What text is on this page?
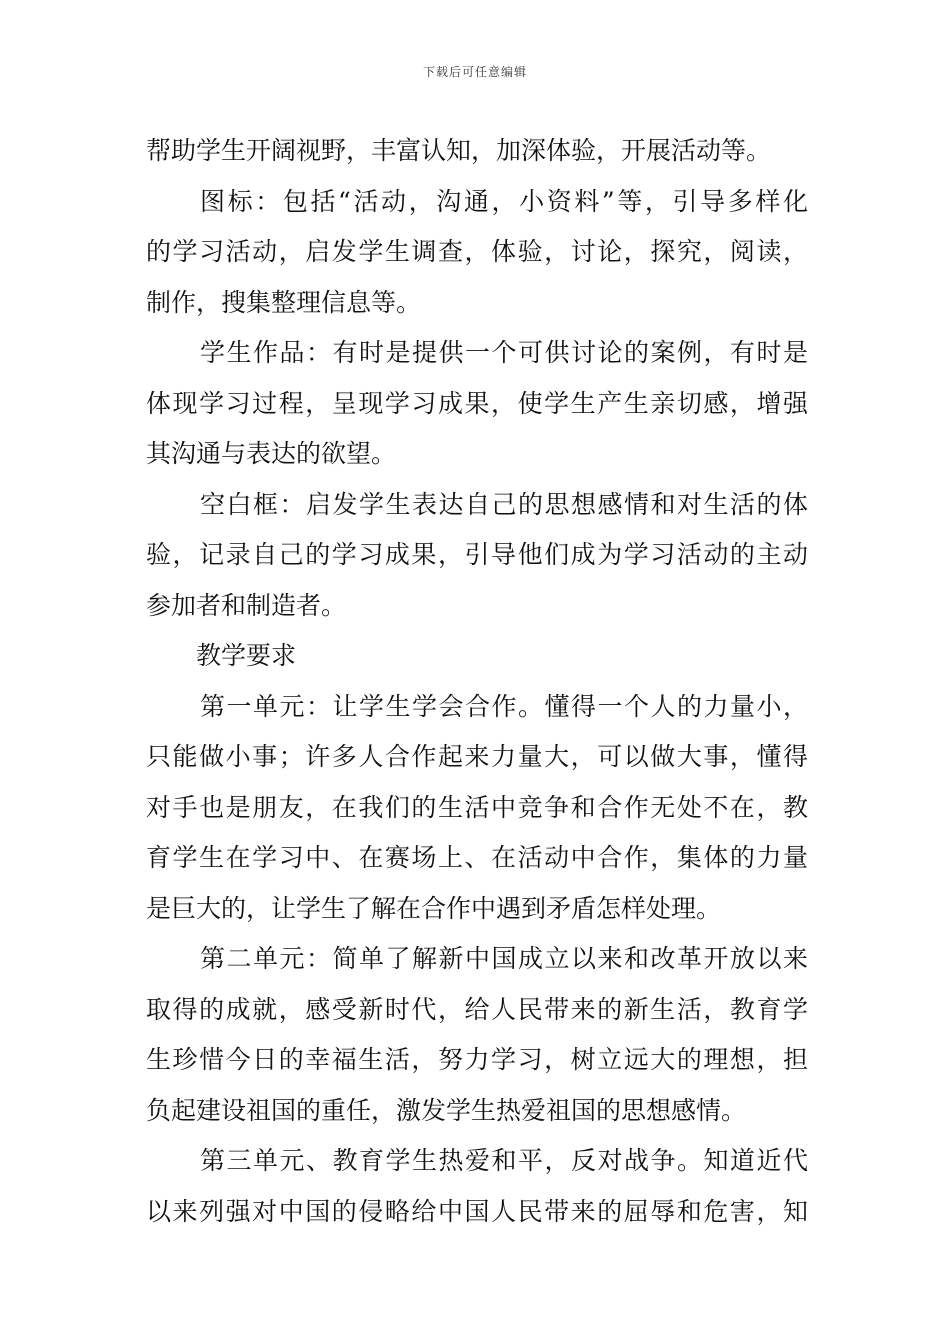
下载后可任意编辑
帮助学生开阔视野，丰富认知，加深体验，开展活动等。
图标：包括“活动，沟通，小资料”等，引导多样化
的学习活动，启发学生调查，体验，讨论，探究，阅读，
制作，搜集整理信息等。
学生作品：有时是提供一个可供讨论的案例，有时是
体现学习过程，呈现学习成果，使学生产生亲切感，增强
其沟通与表达的欲望。
空白框：启发学生表达自己的思想感情和对生活的体
验，记录自己的学习成果，引导他们成为学习活动的主动
参加者和制造者。
教学要求
第一单元：让学生学会合作。懂得一个人的力量小，
只能做小事；许多人合作起来力量大，可以做大事，懂得
对手也是朋友，在我们的生活中竞争和合作无处不在，教
育学生在学习中、在赛场上、在活动中合作，集体的力量
是巨大的，让学生了解在合作中遇到矛盾怎样处理。
第二单元：简单了解新中国成立以来和改革开放以来
取得的成就，感受新时代，给人民带来的新生活，教育学
生珍惜今日的幸福生活，努力学习，树立远大的理想，担
负起建设祖国的重任，激发学生热爱祖国的思想感情。
第三单元、教育学生热爱和平，反对战争。知道近代
以来列强对中国的侵略给中国人民带来的屈辱和危害，知
